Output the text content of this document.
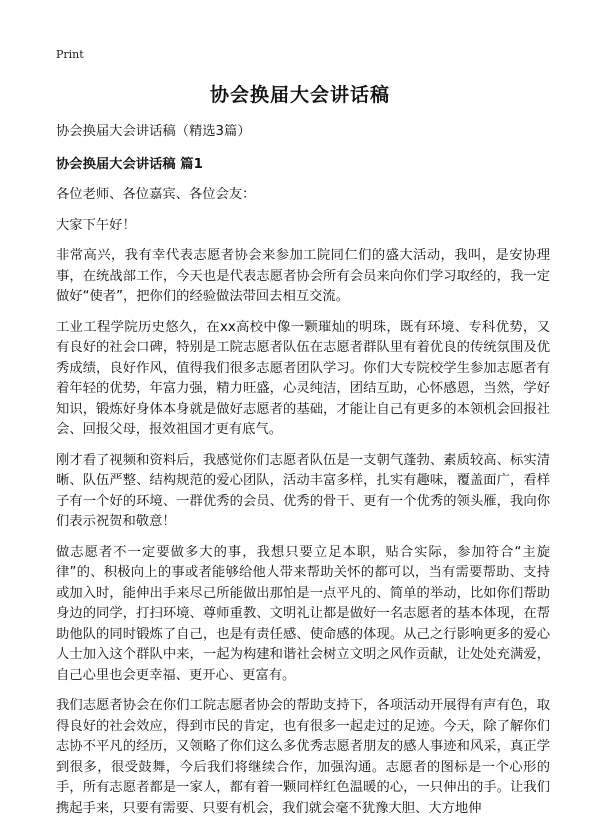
Print
协会换届大会讲话稿

协会换届大会讲话稿（精选3篇）

协会换届大会讲话稿 篇1

各位老师、各位嘉宾、各位会友：

大家下午好！

非常高兴，我有幸代表志愿者协会来参加工院同仁们的盛大活动，我叫，是安协理事，在统战部工作，今天也是代表志愿者协会所有会员来向你们学习取经的，我一定做好“使者”，把你们的经验做法带回去相互交流。

工业工程学院历史悠久，在xx高校中像一颗璀灿的明珠，既有环境、专科优势，又有良好的社会口碑，特别是工院志愿者队伍在志愿者群队里有着优良的传统氛围及优秀成绩，良好作风，值得我们很多志愿者团队学习。你们大专院校学生参加志愿者有着年轻的优势，年富力强，精力旺盛，心灵纯洁，团结互助，心怀感恩，当然，学好知识，锻炼好身体本身就是做好志愿者的基础，才能让自己有更多的本领机会回报社会、回报父母，报效祖国才更有底气。

刚才看了视频和资料后，我感觉你们志愿者队伍是一支朝气蓬勃、素质较高、标实清晰、队伍严整、结构规范的爱心团队，活动丰富多样，扎实有趣味，覆盖面广，看样子有一个好的环境、一群优秀的会员、优秀的骨干、更有一个优秀的领头雁，我向你们表示祝贺和敬意！

做志愿者不一定要做多大的事，我想只要立足本职，贴合实际，参加符合“主旋律”的、积极向上的事或者能够给他人带来帮助关怀的都可以，当有需要帮助、支持或加入时，能伸出手来尽己所能做出那怕是一点平凡的、简单的举动，比如你们帮助身边的同学，打扫环境、尊师重教、文明礼让都是做好一名志愿者的基本体现，在帮助他队的同时锻炼了自己，也是有责任感、使命感的体现。从己之行影响更多的爱心人士加入这个群队中来，一起为构建和谐社会树立文明之风作贡献，让处处充满爱，自己心里也会更幸福、更开心、更富有。

我们志愿者协会在你们工院志愿者协会的帮助支持下，各项活动开展得有声有色，取得良好的社会效应，得到市民的肯定，也有很多一起走过的足迹。今天，除了解你们志协不平凡的经历，又领略了你们这么多优秀志愿者朋友的感人事迹和风采，真正学到很多，很受鼓舞，今后我们将继续合作，加强沟通。志愿者的图标是一个心形的手，所有志愿者都是一家人，都有着一颗同样红色温暖的心，一只伸出的手。让我们携起手来，只要有需要、只要有机会，我们就会毫不犹豫大胆、大方地伸
